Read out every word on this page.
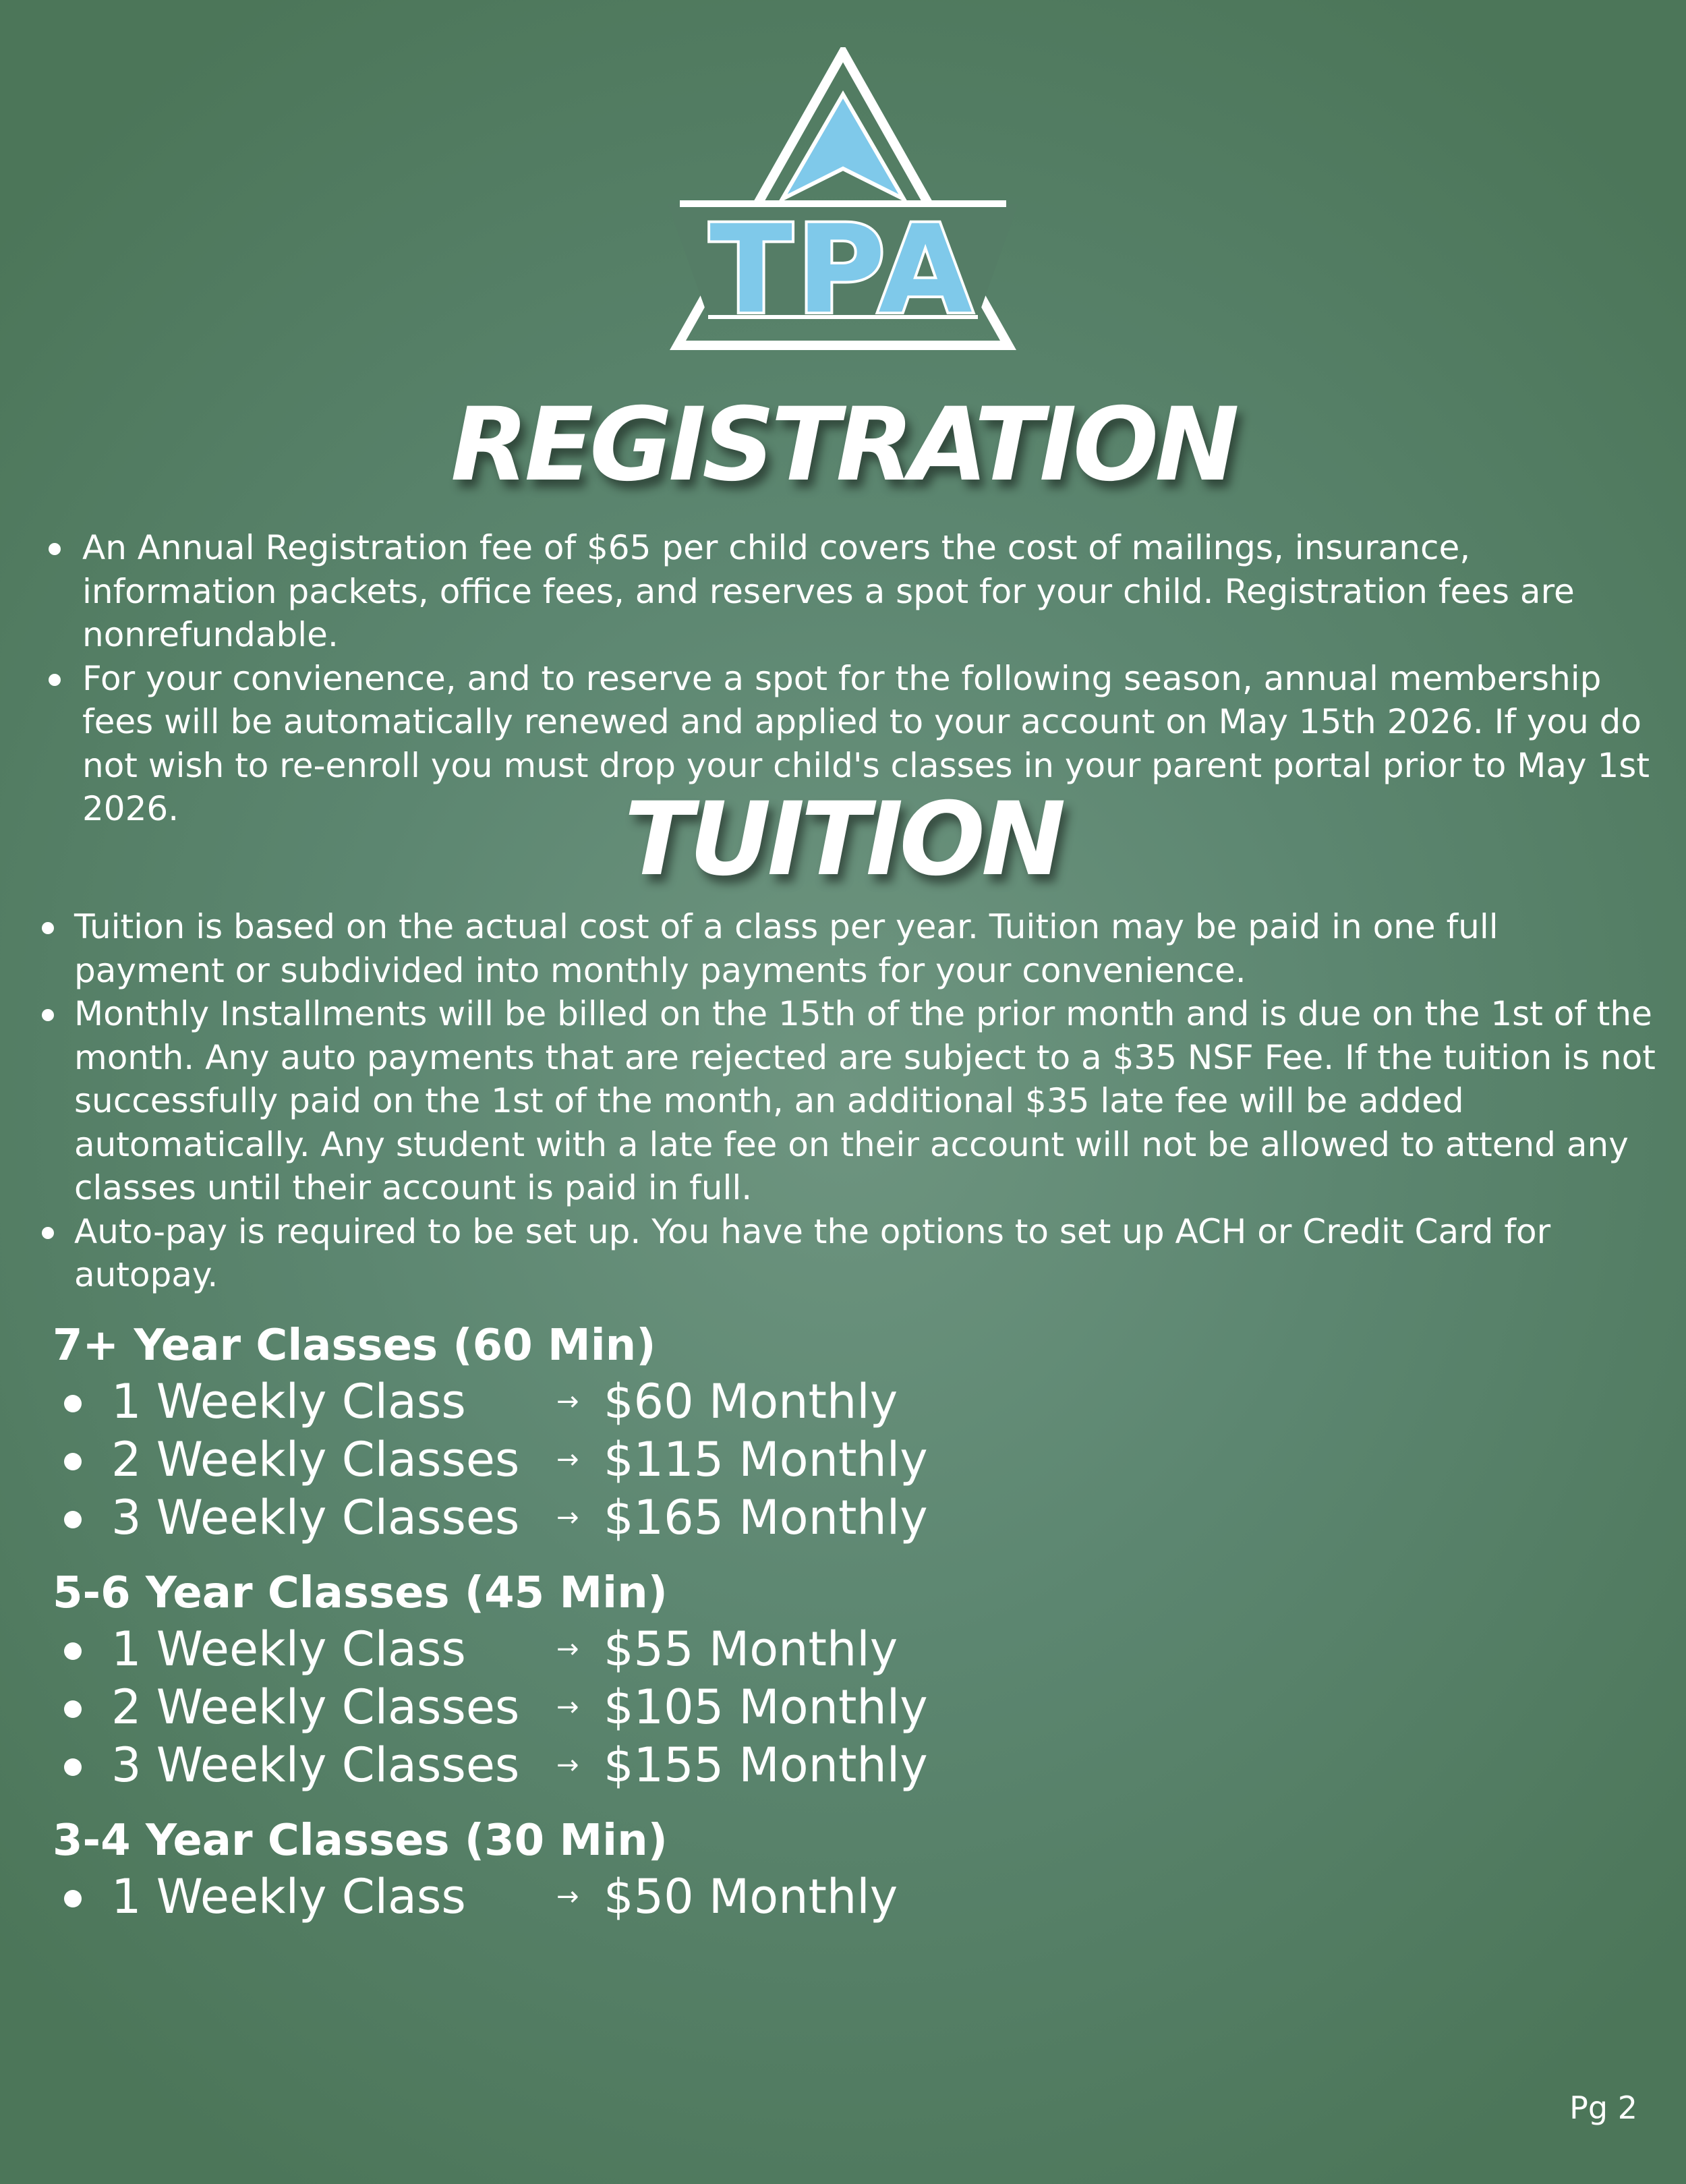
TPA
REGISTRATION
An Annual Registration fee of $65 per child covers the cost of mailings, insurance, information packets, office fees, and reserves a spot for your child. Registration fees are nonrefundable.
For your convienence, and to reserve a spot for the following season, annual membership fees will be automatically renewed and applied to your account on May 15th 2026. If you do not wish to re-enroll you must drop your child's classes in your parent portal prior to May 1st 2026.	TUITION
Tuition is based on the actual cost of a class per year. Tuition may be paid in one full payment or subdivided into monthly payments for your convenience.
Monthly Installments will be billed on the 15th of the prior month and is due on the 1st of the month. Any auto payments that are rejected are subject to a $35 NSF Fee. If the tuition is not successfully paid on the 1st of the month, an additional $35 late fee will be added automatically. Any student with a late fee on their account will not be allowed to attend any classes until their account is paid in full.
Auto-pay is required to be set up. You have the options to set up ACH or Credit Card for autopay.
7+ Year Classes (60 Min)
1 Weekly Class	→ $60 Monthly
2 Weekly Classes → $115 Monthly
3 Weekly Classes → $165 Monthly
5-6 Year Classes (45 Min)
1 Weekly Class	→ $55 Monthly
2 Weekly Classes → $105 Monthly
3 Weekly Classes → $155 Monthly
3-4 Year Classes (30 Min)
1 Weekly Class	→ $50 Monthly
Pg 2
